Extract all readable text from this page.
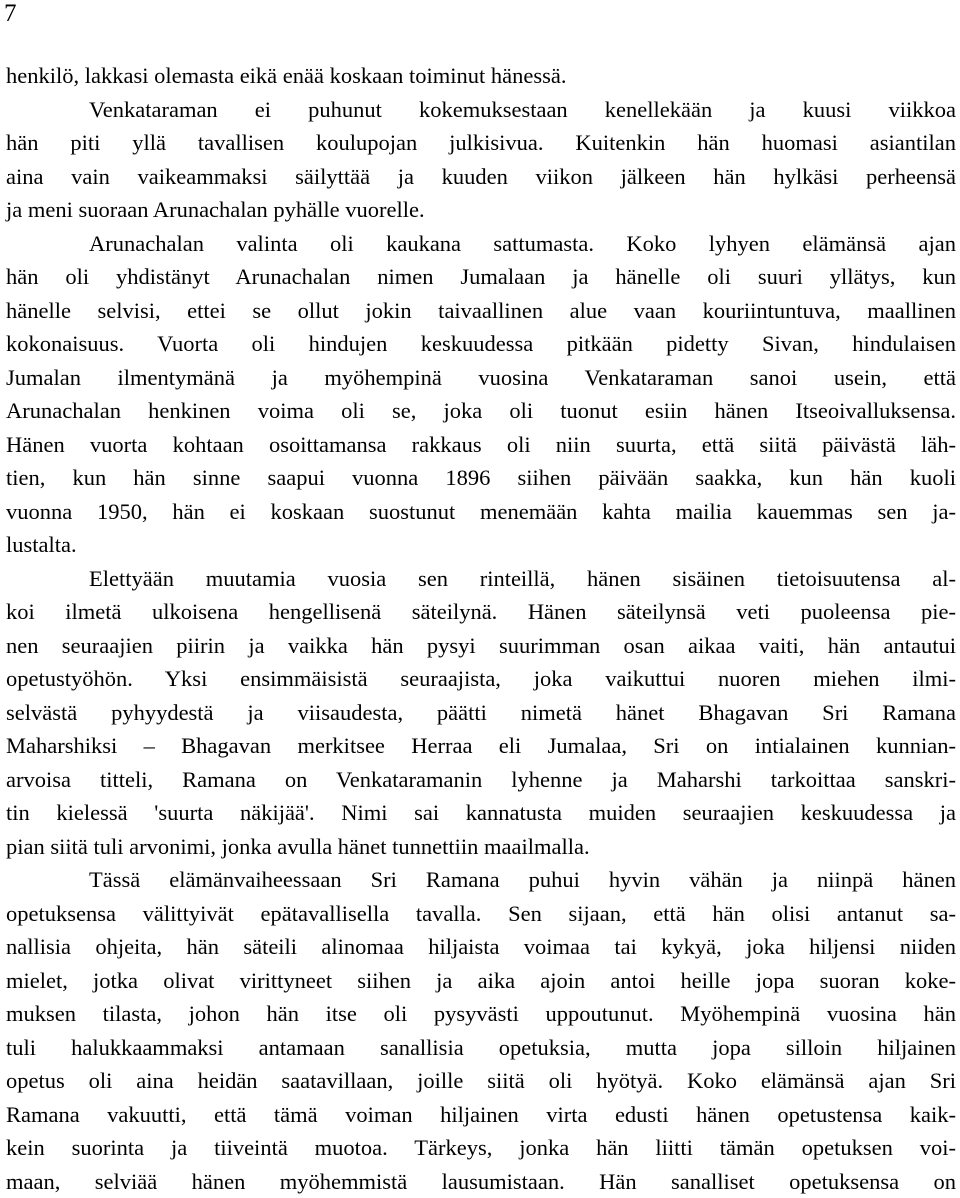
7
henkilö, lakkasi olemasta eikä enää koskaan toiminut hänessä.
Venkataraman ei puhunut kokemuksestaan kenellekään ja kuusi viikkoa
hän piti yllä tavallisen koulupojan julkisivua. Kuitenkin hän huomasi asiantilan
aina vain vaikeammaksi säilyttää ja kuuden viikon jälkeen hän hylkäsi perheensä
ja meni suoraan Arunachalan pyhälle vuorelle.
Arunachalan valinta oli kaukana sattumasta. Koko lyhyen elämänsä ajan
hän oli yhdistänyt Arunachalan nimen Jumalaan ja hänelle oli suuri yllätys, kun
hänelle selvisi, ettei se ollut jokin taivaallinen alue vaan kouriintuntuva, maallinen
kokonaisuus. Vuorta oli hindujen keskuudessa pitkään pidetty Sivan, hindulaisen
Jumalan ilmentymänä ja myöhempinä vuosina Venkataraman sanoi usein, että
Arunachalan henkinen voima oli se, joka oli tuonut esiin hänen Itseoivalluksensa.
Hänen vuorta kohtaan osoittamansa rakkaus oli niin suurta, että siitä päivästä läh-
tien, kun hän sinne saapui vuonna 1896 siihen päivään saakka, kun hän kuoli
vuonna 1950, hän ei koskaan suostunut menemään kahta mailia kauemmas sen ja-
lustalta.
Elettyään muutamia vuosia sen rinteillä, hänen sisäinen tietoisuutensa al-
koi ilmetä ulkoisena hengellisenä säteilynä. Hänen säteilynsä veti puoleensa pie-
nen seuraajien piirin ja vaikka hän pysyi suurimman osan aikaa vaiti, hän antautui
opetustyöhön. Yksi ensimmäisistä seuraajista, joka vaikuttui nuoren miehen ilmi-
selvästä pyhyydestä ja viisaudesta, päätti nimetä hänet Bhagavan Sri Ramana
Maharshiksi – Bhagavan merkitsee Herraa eli Jumalaa, Sri on intialainen kunnian-
arvoisa titteli, Ramana on Venkataramanin lyhenne ja Maharshi tarkoittaa sanskri-
tin kielessä 'suurta näkijää'. Nimi sai kannatusta muiden seuraajien keskuudessa ja
pian siitä tuli arvonimi, jonka avulla hänet tunnettiin maailmalla.
Tässä elämänvaiheessaan Sri Ramana puhui hyvin vähän ja niinpä hänen
opetuksensa välittyivät epätavallisella tavalla. Sen sijaan, että hän olisi antanut sa-
nallisia ohjeita, hän säteili alinomaa hiljaista voimaa tai kykyä, joka hiljensi niiden
mielet, jotka olivat virittyneet siihen ja aika ajoin antoi heille jopa suoran koke-
muksen tilasta, johon hän itse oli pysyvästi uppoutunut. Myöhempinä vuosina hän
tuli halukkaammaksi antamaan sanallisia opetuksia, mutta jopa silloin hiljainen
opetus oli aina heidän saatavillaan, joille siitä oli hyötyä. Koko elämänsä ajan Sri
Ramana vakuutti, että tämä voiman hiljainen virta edusti hänen opetustensa kaik-
kein suorinta ja tiiveintä muotoa. Tärkeys, jonka hän liitti tämän opetuksen voi-
maan, selviää hänen myöhemmistä lausumistaan. Hän sanalliset opetuksensa on
